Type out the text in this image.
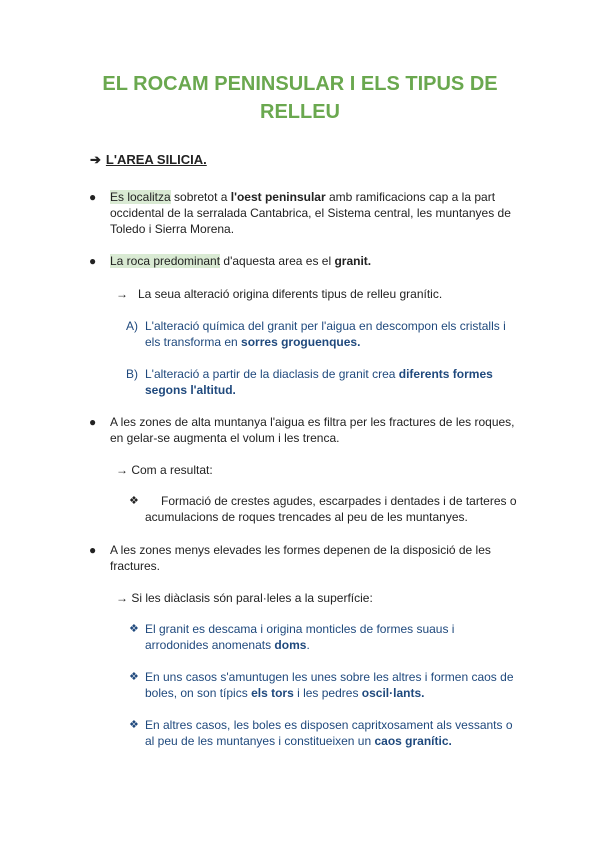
EL ROCAM PENINSULAR I ELS TIPUS DE
RELLEU
➔ L'AREA SILICIA.
● Es localitza sobretot a l'oest peninsular amb ramificacions cap a la part
occidental de la serralada Cantabrica, el Sistema central, les muntanyes de
Toledo i Sierra Morena.

● La roca predominant d'aquesta area es el granit.

→ La seua alteració origina diferents tipus de relleu granític.

A) L'alteració química del granit per l'aigua en descompon els cristalls i
els transforma en sorres groguenques.

B) L'alteració a partir de la diaclasis de granit crea diferents formes
segons l'altitud.

● A les zones de alta muntanya l'aigua es filtra per les fractures de les roques,
en gelar-se augmenta el volum i les trenca.

→ Com a resultat:

❖	Formació de crestes agudes, escarpades i dentades i de tarteres o
acumulacions de roques trencades al peu de les muntanyes.

● A les zones menys elevades les formes depenen de la disposició de les
fractures.

→ Si les diàclasis són paral·leles a la superfície:

❖ El granit es descama i origina monticles de formes suaus i
arrodonides anomenats doms.

❖ En uns casos s'amuntugen les unes sobre les altres i formen caos de
boles, on son típics els tors i les pedres oscil·lants.

❖ En altres casos, les boles es disposen capritxosament als vessants o
al peu de les muntanyes i constitueixen un caos granític.
